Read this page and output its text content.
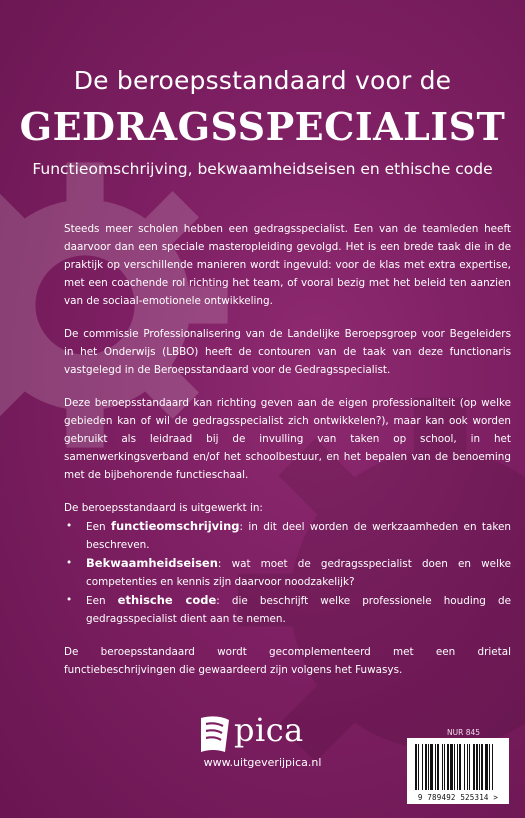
De beroepsstandaard voor de
GEDRAGSSPECIALIST
Functieomschrijving, bekwaamheidseisen en ethische code

Steeds meer scholen hebben een gedragsspecialist. Een van de teamleden heeft daarvoor dan een speciale masteropleiding gevolgd. Het is een brede taak die in de praktijk op verschillende manieren wordt ingevuld: voor de klas met extra expertise, met een coachende rol richting het team, of vooral bezig met het beleid ten aanzien van de sociaal-emotionele ontwikkeling.

De commissie Professionalisering van de Landelijke Beroepsgroep voor Begeleiders in het Onderwijs (LBBO) heeft de contouren van de taak van deze functionaris vastgelegd in de Beroepsstandaard voor de Gedragsspecialist.

Deze beroepsstandaard kan richting geven aan de eigen professionaliteit (op welke gebieden kan of wil de gedragsspecialist zich ontwikkelen?), maar kan ook worden gebruikt als leidraad bij de invulling van taken op school, in het samenwerkingsverband en/of het schoolbestuur, en het bepalen van de benoeming met de bijbehorende functieschaal.

De beroepsstandaard is uitgewerkt in:
• Een functieomschrijving: in dit deel worden de werkzaamheden en taken beschreven.
• Bekwaamheidseisen: wat moet de gedragsspecialist doen en welke competenties en kennis zijn daarvoor noodzakelijk?
• Een ethische code: die beschrijft welke professionele houding de gedragsspecialist dient aan te nemen.

De beroepsstandaard wordt gecomplementeerd met een drietal functiebeschrijvingen die gewaardeerd zijn volgens het Fuwasys.

pica
www.uitgeverijpica.nl
NUR 845
9 789492 525314 >
